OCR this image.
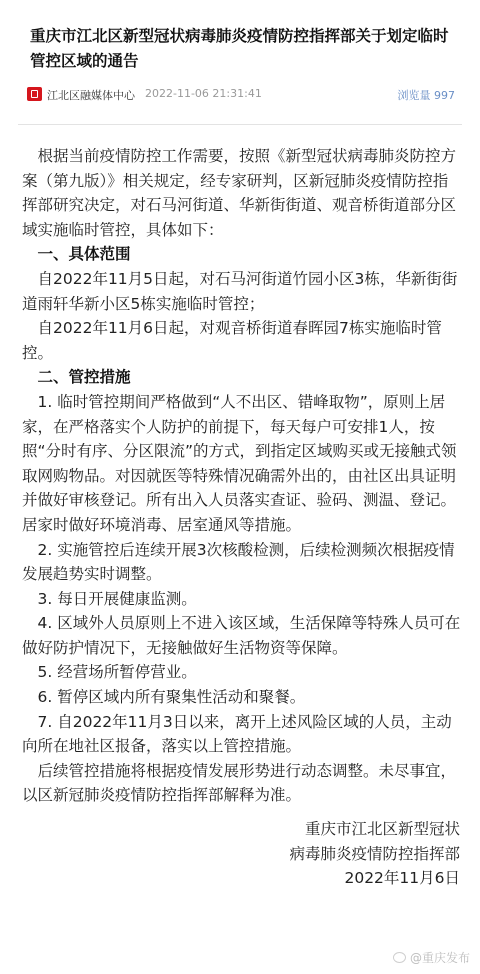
重庆市江北区新型冠状病毒肺炎疫情防控指挥部关于划定临时管控区域的通告
江北区融媒体中心 2022-11-06 21:31:41	浏览量 997

根据当前疫情防控工作需要，按照《新型冠状病毒肺炎防控方案（第九版）》相关规定，经专家研判，区新冠肺炎疫情防控指挥部研究决定，对石马河街道、华新街街道、观音桥街道部分区域实施临时管控，具体如下：

一、具体范围

自2022年11月5日起，对石马河街道竹园小区3栋，华新街街道雨轩华新小区5栋实施临时管控；

自2022年11月6日起，对观音桥街道春晖园7栋实施临时管控。

二、管控措施

1. 临时管控期间严格做到“人不出区、错峰取物”，原则上居家，在严格落实个人防护的前提下，每天每户可安排1人，按照“分时有序、分区限流”的方式，到指定区域购买或无接触式领取网购物品。对因就医等特殊情况确需外出的，由社区出具证明并做好审核登记。所有出入人员落实查证、验码、测温、登记。居家时做好环境消毒、居室通风等措施。

2. 实施管控后连续开展3次核酸检测，后续检测频次根据疫情发展趋势实时调整。

3. 每日开展健康监测。

4. 区域外人员原则上不进入该区域，生活保障等特殊人员可在做好防护情况下，无接触做好生活物资等保障。

5. 经营场所暂停营业。

6. 暂停区域内所有聚集性活动和聚餐。

7. 自2022年11月3日以来，离开上述风险区域的人员，主动向所在地社区报备，落实以上管控措施。

后续管控措施将根据疫情发展形势进行动态调整。未尽事宜，以区新冠肺炎疫情防控指挥部解释为准。

重庆市江北区新型冠状
病毒肺炎疫情防控指挥部
2022年11月6日
@重庆发布
